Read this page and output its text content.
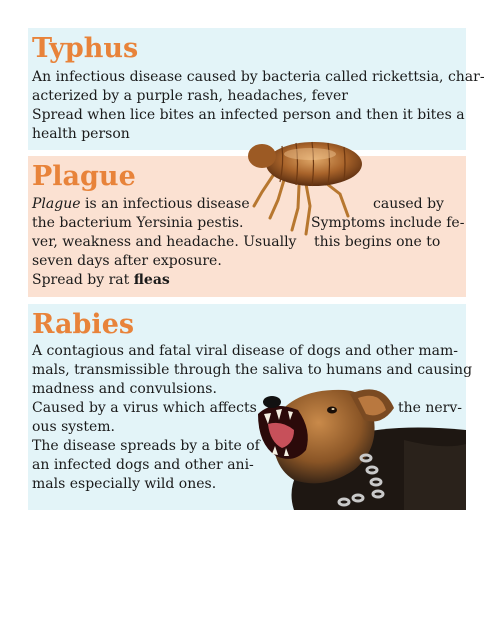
Typhus
An infectious disease caused by bacteria called rickettsia, char-
acterized by a purple rash, headaches, fever
Spread when lice bites an infected person and then it bites a
health person
Plague
Plague is an infectious disease	caused by
the bacterium Yersinia pestis.	Symptoms include fe-
ver, weakness and headache. Usually this begins one to
seven days after exposure.
Spread by rat fleas
Rabies
A contagious and fatal viral disease of dogs and other mam-
mals, transmissible through the saliva to humans and causing
madness and convulsions.
Caused by a virus which affects	the nerv-
ous system.
The disease spreads by a bite of
an infected dogs and other ani-
mals especially wild ones.
